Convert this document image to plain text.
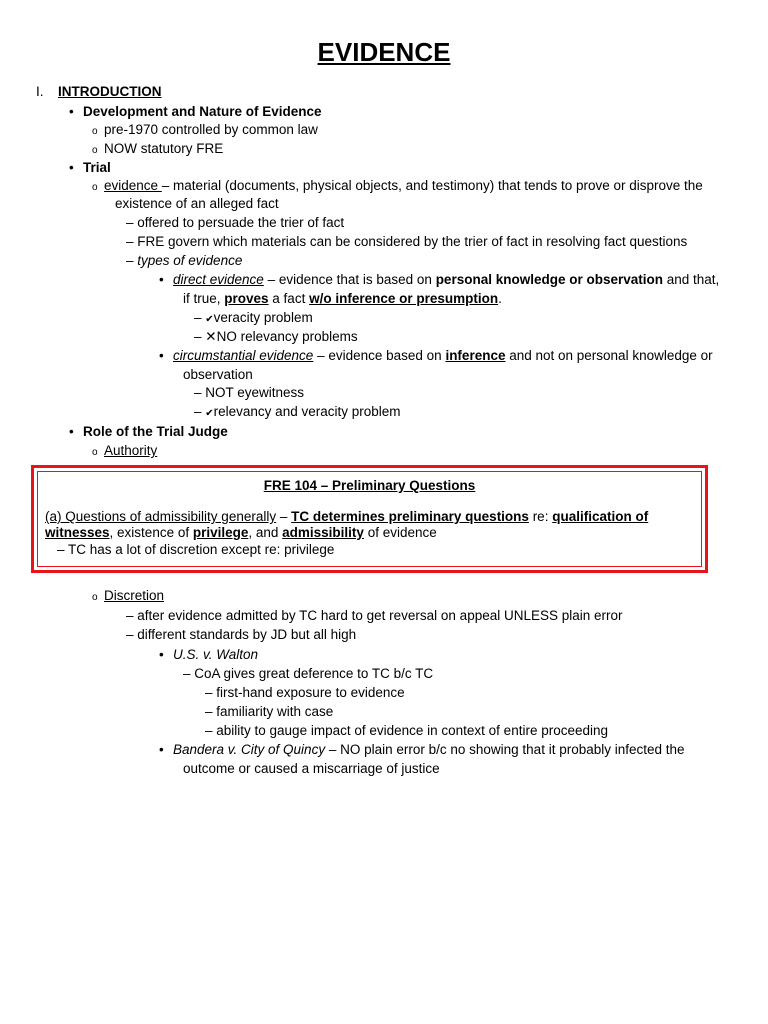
EVIDENCE
I. INTRODUCTION
• Development and Nature of Evidence
o pre-1970 controlled by common law
o NOW statutory FRE
• Trial
o evidence – material (documents, physical objects, and testimony) that tends to prove or disprove the
existence of an alleged fact
– offered to persuade the trier of fact
– FRE govern which materials can be considered by the trier of fact in resolving fact questions
– types of evidence
• direct evidence – evidence that is based on personal knowledge or observation and that,
if true, proves a fact w/o inference or presumption.
– ✔veracity problem
– ✕NO relevancy problems
• circumstantial evidence – evidence based on inference and not on personal knowledge or
observation
– NOT eyewitness
– ✔relevancy and veracity problem
• Role of the Trial Judge
o Authority
FRE 104 – Preliminary Questions
(a) Questions of admissibility generally – TC determines preliminary questions re: qualification of
witnesses, existence of privilege, and admissibility of evidence
– TC has a lot of discretion except re: privilege
o Discretion
– after evidence admitted by TC hard to get reversal on appeal UNLESS plain error
– different standards by JD but all high
• U.S. v. Walton
– CoA gives great deference to TC b/c TC
– first-hand exposure to evidence
– familiarity with case
– ability to gauge impact of evidence in context of entire proceeding
• Bandera v. City of Quincy – NO plain error b/c no showing that it probably infected the
outcome or caused a miscarriage of justice
